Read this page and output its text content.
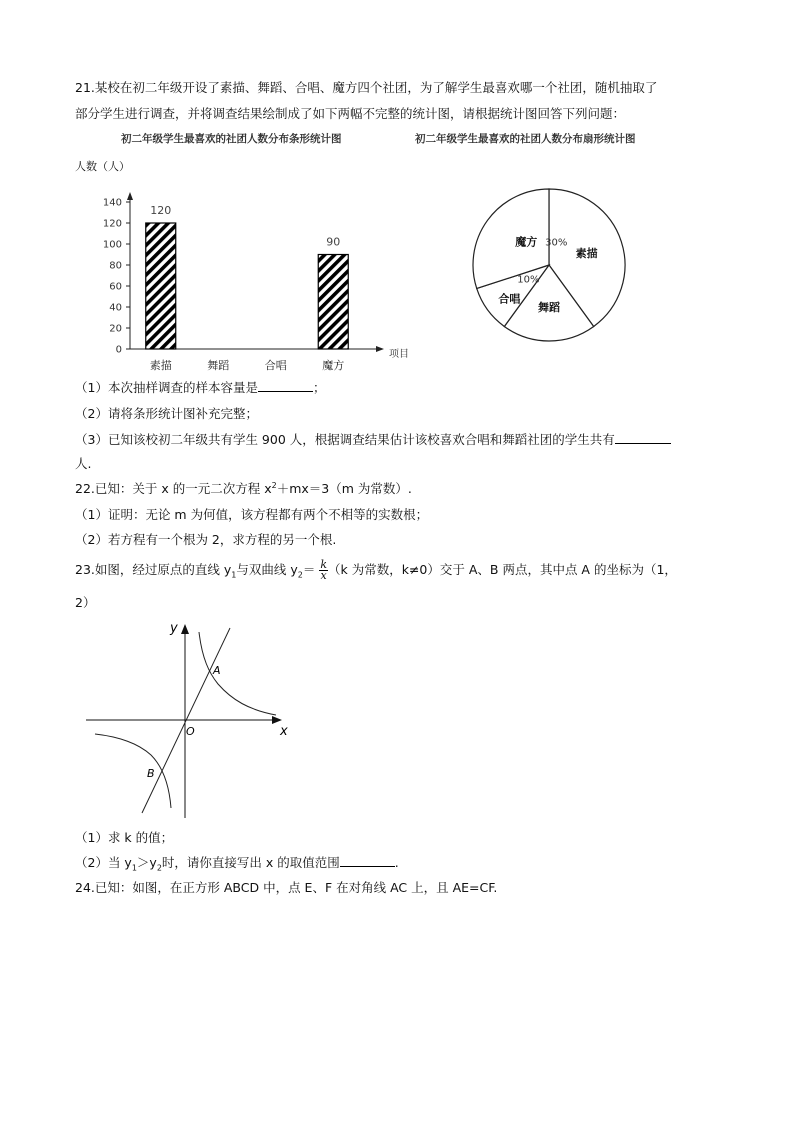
21.某校在初二年级开设了素描、舞蹈、合唱、魔方四个社团，为了解学生最喜欢哪一个社团，随机抽取了
部分学生进行调查，并将调查结果绘制成了如下两幅不完整的统计图，请根据统计图回答下列问题：
初二年级学生最喜欢的社团人数分布条形统计图	初二年级学生最喜欢的社团人数分布扇形统计图
人数（人）
0
20
40
60
80
100
120
140
素描
120
舞蹈	合唱	魔方
90
项目
素描
舞蹈
10%
合唱
魔方 30%
（1）本次抽样调查的样本容量是	；
（2）请将条形统计图补充完整；
（3）已知该校初二年级共有学生 900 人，根据调查结果估计该校喜欢合唱和舞蹈社团的学生共有
人.
22.已知：关于 x 的一元二次方程 $x^2+mx=3(m$ 为常数）.
（1）证明：无论 m 为何值，该方程都有两个不相等的实数根；
（2）若方程有一个根为 2，求方程的另一个根.
23.如图，经过原点的直线 $y_1$与双曲线 $y_2= \frac{k}{x} (k$ 为常数，k≠0）交于 A、B 两点，其中点 A 的坐标为（1，
2）
y
x
O
A
B
（1）求 k 的值；
（2）当 $y_1>y_2$时，请你直接写出 x 的取值范围	.
24.已知：如图，在正方形 ABCD 中，点 E、F 在对角线 AC 上，且 AE=CF.
